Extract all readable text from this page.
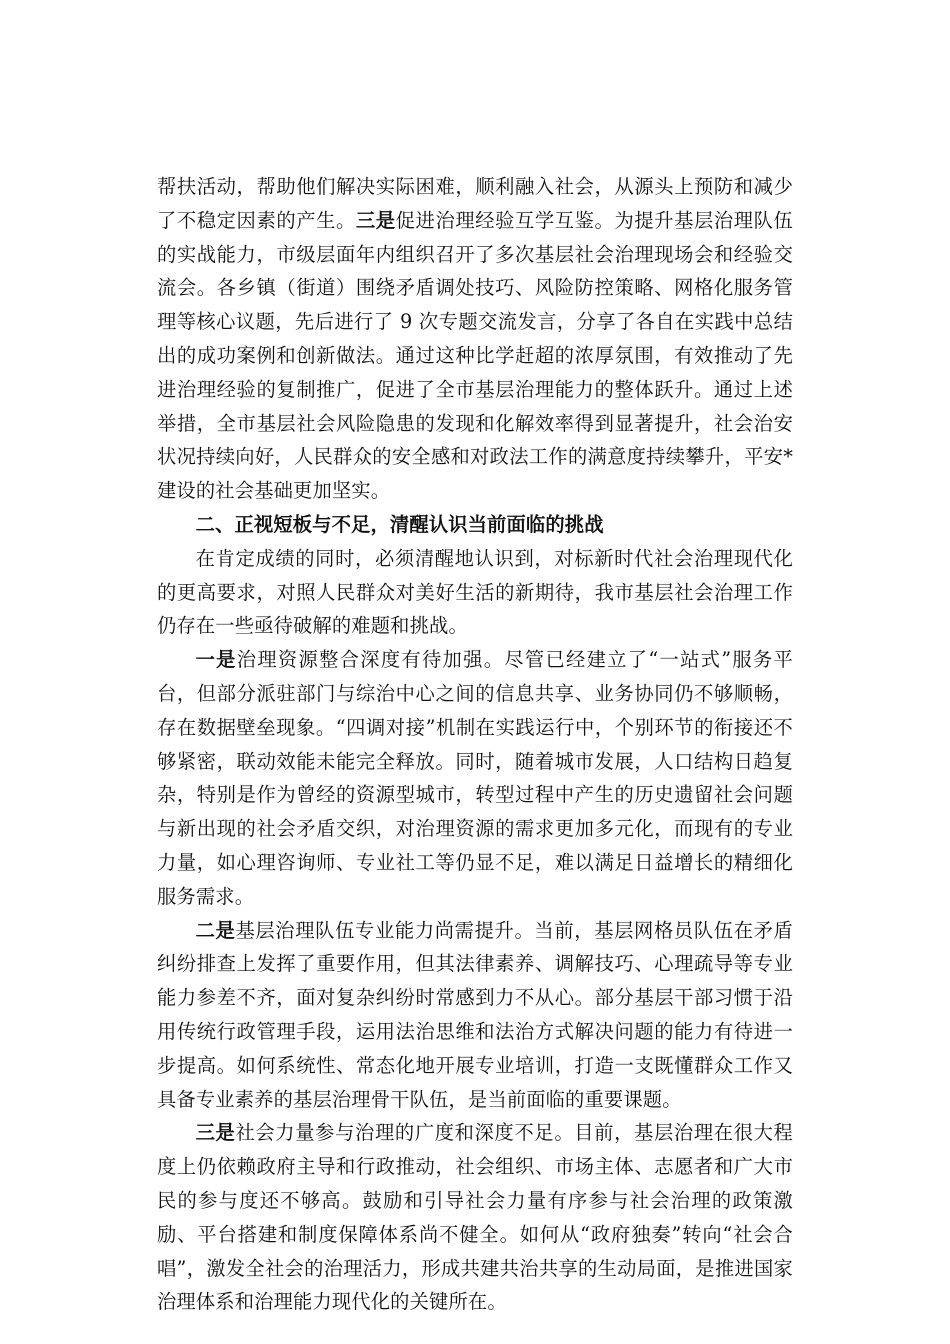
帮扶活动，帮助他们解决实际困难，顺利融入社会，从源头上预防和减少了不稳定因素的产生。三是促进治理经验互学互鉴。为提升基层治理队伍的实战能力，市级层面年内组织召开了多次基层社会治理现场会和经验交流会。各乡镇（街道）围绕矛盾调处技巧、风险防控策略、网格化服务管理等核心议题，先后进行了 9 次专题交流发言，分享了各自在实践中总结出的成功案例和创新做法。通过这种比学赶超的浓厚氛围，有效推动了先进治理经验的复制推广，促进了全市基层治理能力的整体跃升。通过上述举措，全市基层社会风险隐患的发现和化解效率得到显著提升，社会治安状况持续向好，人民群众的安全感和对政法工作的满意度持续攀升，平安*建设的社会基础更加坚实。

二、正视短板与不足，清醒认识当前面临的挑战

在肯定成绩的同时，必须清醒地认识到，对标新时代社会治理现代化的更高要求，对照人民群众对美好生活的新期待，我市基层社会治理工作仍存在一些亟待破解的难题和挑战。

一是治理资源整合深度有待加强。尽管已经建立了“一站式”服务平台，但部分派驻部门与综治中心之间的信息共享、业务协同仍不够顺畅，存在数据壁垒现象。“四调对接”机制在实践运行中，个别环节的衔接还不够紧密，联动效能未能完全释放。同时，随着城市发展，人口结构日趋复杂，特别是作为曾经的资源型城市，转型过程中产生的历史遗留社会问题与新出现的社会矛盾交织，对治理资源的需求更加多元化，而现有的专业力量，如心理咨询师、专业社工等仍显不足，难以满足日益增长的精细化服务需求。

二是基层治理队伍专业能力尚需提升。当前，基层网格员队伍在矛盾纠纷排查上发挥了重要作用，但其法律素养、调解技巧、心理疏导等专业能力参差不齐，面对复杂纠纷时常感到力不从心。部分基层干部习惯于沿用传统行政管理手段，运用法治思维和法治方式解决问题的能力有待进一步提高。如何系统性、常态化地开展专业培训，打造一支既懂群众工作又具备专业素养的基层治理骨干队伍，是当前面临的重要课题。

三是社会力量参与治理的广度和深度不足。目前，基层治理在很大程度上仍依赖政府主导和行政推动，社会组织、市场主体、志愿者和广大市民的参与度还不够高。鼓励和引导社会力量有序参与社会治理的政策激励、平台搭建和制度保障体系尚不健全。如何从“政府独奏”转向“社会合唱”，激发全社会的治理活力，形成共建共治共享的生动局面，是推进国家治理体系和治理能力现代化的关键所在。
